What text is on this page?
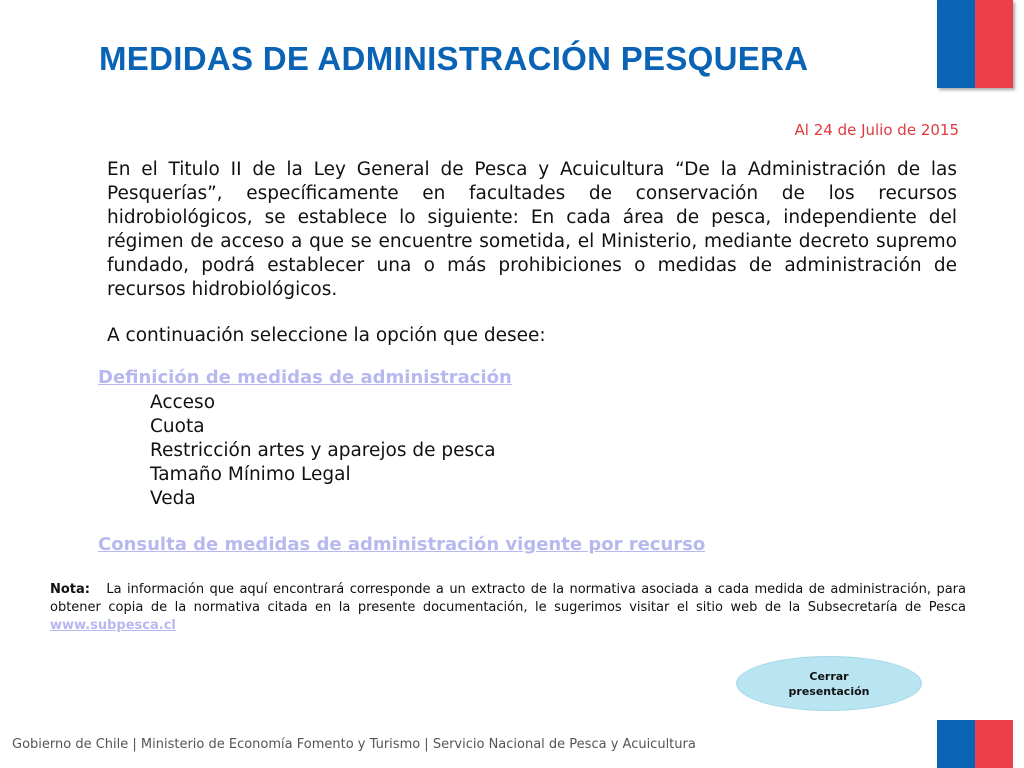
MEDIDAS DE ADMINISTRACIÓN PESQUERA
Al 24 de Julio de 2015

En el Titulo II de la Ley General de Pesca y Acuicultura “De la Administración de las Pesquerías”, específicamente en facultades de conservación de los recursos hidrobiológicos, se establece lo siguiente: En cada área de pesca, independiente del régimen de acceso a que se encuentre sometida, el Ministerio, mediante decreto supremo fundado, podrá establecer una o más prohibiciones o medidas de administración de recursos hidrobiológicos.

A continuación seleccione la opción que desee:

Definición de medidas de administración
Acceso
Cuota
Restricción artes y aparejos de pesca
Tamaño Mínimo Legal
Veda
Consulta de medidas de administración vigente por recurso

Nota: La información que aquí encontrará corresponde a un extracto de la normativa asociada a cada medida de administración, para obtener copia de la normativa citada en la presente documentación, le sugerimos visitar el sitio web de la Subsecretaría de Pesca www.subpesca.cl

Cerrar
presentación
Gobierno de Chile | Ministerio de Economía Fomento y Turismo | Servicio Nacional de Pesca y Acuicultura
